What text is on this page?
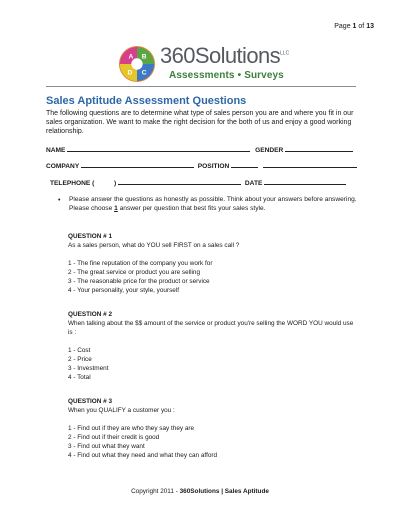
Page 1 of 13
A B
C
D
360Solutions$^{LLC}$
Assessments • Surveys
Sales Aptitude Assessment Questions

The following questions are to determine what type of sales person you are and where you fit in our sales organization. We want to make the right decision for the both of us and enjoy a good working relationship.

NAME	GENDER
COMPANY	POSITION
TELEPHONE (	)	DATE
• Please answer the questions as honestly as possible. Think about your answers before answering. Please choose 1 answer per question that best fits your sales style.
QUESTION # 1
As a sales person, what do YOU sell FIRST on a sales call ?
1 - The fine reputation of the company you work for
2 - The great service or product you are selling
3 - The reasonable price for the product or service
4 - Your personality, your style, yourself
QUESTION # 2
When talking about the $$ amount of the service or product you're selling the WORD YOU would use is :
1 - Cost
2 - Price
3 - Investment
4 - Total
QUESTION # 3
When you QUALIFY a customer you :
1 - Find out if they are who they say they are
2 - Find out if their credit is good
3 - Find out what they want
4 - Find out what they need and what they can afford
Copyright 2011 - 360Solutions | Sales Aptitude
